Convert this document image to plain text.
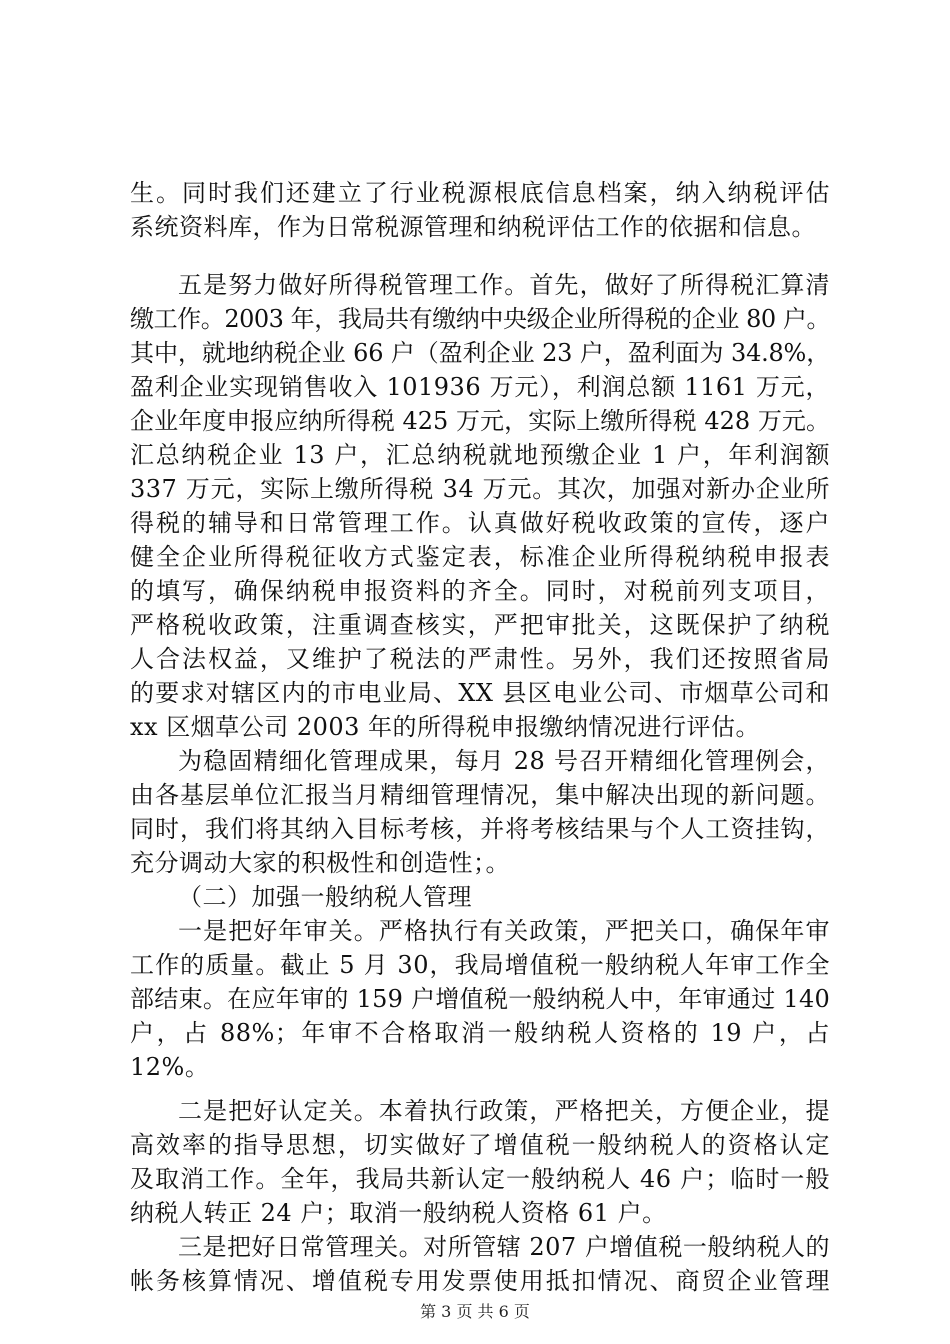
生。同时我们还建立了行业税源根底信息档案，纳入纳税评估
系统资料库，作为日常税源管理和纳税评估工作的依据和信息。
五是努力做好所得税管理工作。首先，做好了所得税汇算清
缴工作。2003 年，我局共有缴纳中央级企业所得税的企业 80 户。
其中，就地纳税企业 66 户（盈利企业 23 户，盈利面为 34.8%，
盈利企业实现销售收入 101936 万元），利润总额 1161 万元，
企业年度申报应纳所得税 425 万元，实际上缴所得税 428 万元。
汇总纳税企业 13 户，汇总纳税就地预缴企业 1 户，年利润额
337 万元，实际上缴所得税 34 万元。其次，加强对新办企业所
得税的辅导和日常管理工作。认真做好税收政策的宣传，逐户
健全企业所得税征收方式鉴定表，标准企业所得税纳税申报表
的填写，确保纳税申报资料的齐全。同时，对税前列支项目，
严格税收政策，注重调查核实，严把审批关，这既保护了纳税
人合法权益，又维护了税法的严肃性。另外，我们还按照省局
的要求对辖区内的市电业局、XX 县区电业公司、市烟草公司和
xx 区烟草公司 2003 年的所得税申报缴纳情况进行评估。
为稳固精细化管理成果，每月 28 号召开精细化管理例会，
由各基层单位汇报当月精细管理情况，集中解决出现的新问题。
同时，我们将其纳入目标考核，并将考核结果与个人工资挂钩，
充分调动大家的积极性和创造性；。
（二）加强一般纳税人管理
一是把好年审关。严格执行有关政策，严把关口，确保年审
工作的质量。截止 5 月 30，我局增值税一般纳税人年审工作全
部结束。在应年审的 159 户增值税一般纳税人中，年审通过 140
户，占 88%；年审不合格取消一般纳税人资格的 19 户，占
12%。
二是把好认定关。本着执行政策，严格把关，方便企业，提
高效率的指导思想，切实做好了增值税一般纳税人的资格认定
及取消工作。全年，我局共新认定一般纳税人 46 户；临时一般
纳税人转正 24 户；取消一般纳税人资格 61 户。
三是把好日常管理关。对所管辖 207 户增值税一般纳税人的
帐务核算情况、增值税专用发票使用抵扣情况、商贸企业管理
第 3 页 共 6 页
